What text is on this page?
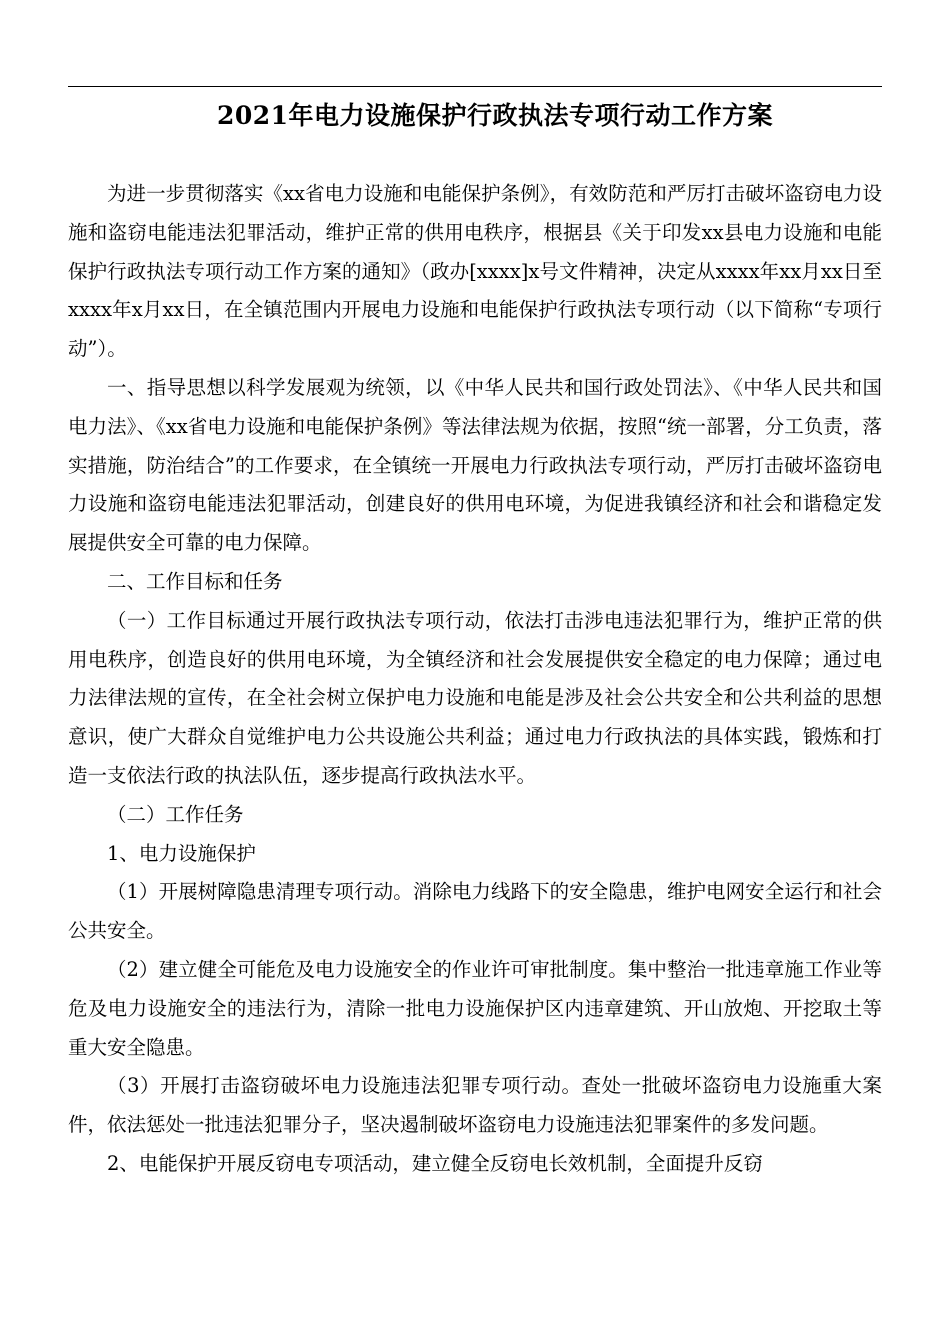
2021年电力设施保护行政执法专项行动工作方案

为进一步贯彻落实《xx省电力设施和电能保护条例》，有效防范和严厉打击破坏盗窃电力设施和盗窃电能违法犯罪活动，维护正常的供用电秩序，根据县《关于印发xx县电力设施和电能保护行政执法专项行动工作方案的通知》（政办[xxxx]x号文件精神，决定从xxxx年xx月xx日至xxxx年x月xx日，在全镇范围内开展电力设施和电能保护行政执法专项行动（以下简称“专项行动”）。

一、指导思想以科学发展观为统领，以《中华人民共和国行政处罚法》、《中华人民共和国电力法》、《xx省电力设施和电能保护条例》等法律法规为依据，按照“统一部署，分工负责，落实措施，防治结合”的工作要求，在全镇统一开展电力行政执法专项行动，严厉打击破坏盗窃电力设施和盗窃电能违法犯罪活动，创建良好的供用电环境，为促进我镇经济和社会和谐稳定发展提供安全可靠的电力保障。

二、工作目标和任务

（一）工作目标通过开展行政执法专项行动，依法打击涉电违法犯罪行为，维护正常的供用电秩序，创造良好的供用电环境，为全镇经济和社会发展提供安全稳定的电力保障；通过电力法律法规的宣传，在全社会树立保护电力设施和电能是涉及社会公共安全和公共利益的思想意识，使广大群众自觉维护电力公共设施公共利益；通过电力行政执法的具体实践，锻炼和打造一支依法行政的执法队伍，逐步提高行政执法水平。

（二）工作任务

1、电力设施保护

（1）开展树障隐患清理专项行动。消除电力线路下的安全隐患，维护电网安全运行和社会公共安全。

（2）建立健全可能危及电力设施安全的作业许可审批制度。集中整治一批违章施工作业等危及电力设施安全的违法行为，清除一批电力设施保护区内违章建筑、开山放炮、开挖取土等重大安全隐患。

（3）开展打击盗窃破坏电力设施违法犯罪专项行动。查处一批破坏盗窃电力设施重大案件，依法惩处一批违法犯罪分子，坚决遏制破坏盗窃电力设施违法犯罪案件的多发问题。

2、电能保护开展反窃电专项活动，建立健全反窃电长效机制，全面提升反窃
